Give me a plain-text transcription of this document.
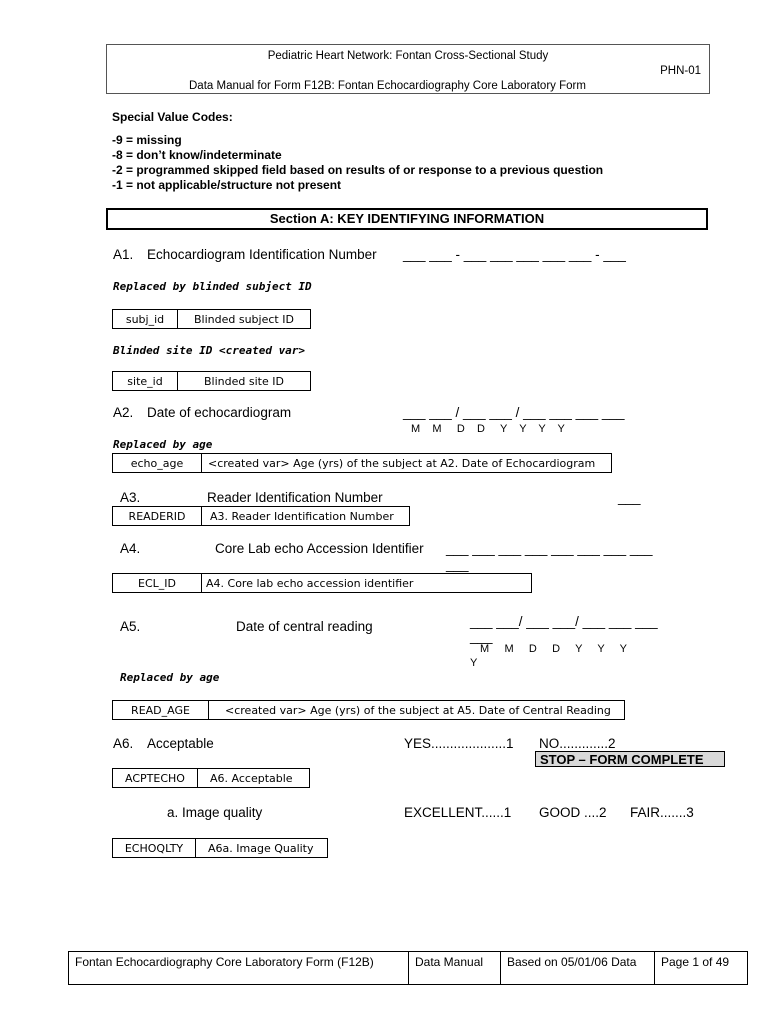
Pediatric Heart Network: Fontan Cross-Sectional Study
Data Manual for Form F12B: Fontan Echocardiography Core Laboratory Form
PHN-01
Special Value Codes:
-9 = missing
-8 = don’t know/indeterminate
-2 = programmed skipped field based on results of or response to a previous question
-1 = not applicable/structure not present
Section A: KEY IDENTIFYING INFORMATION
A1. Echocardiogram Identification Number ___ ___ - ___ ___ ___ ___ ___ - ___
Replaced by blinded subject ID
subj_id	Blinded subject ID
Blinded site ID <created var>
site_id	Blinded site ID
A2. Date of echocardiogram	___ ___ / ___ ___ / ___ ___ ___ ___
M    M     D    D     Y    Y    Y    Y
Replaced by age
echo_age	<created var> Age (yrs) of the subject at A2. Date of Echocardiogram
A3.	Reader Identification Number	___
READERID	A3. Reader Identification Number
A4.	Core Lab echo Accession Identifier ___ ___ ___ ___ ___ ___ ___ ___
___
ECL_ID	A4. Core lab echo accession identifier
A5.	Date of central reading	___ ___/ ___ ___/ ___ ___ ___
___
M     M     D     D     Y     Y     Y
Y
Replaced by age
READ_AGE	<created var> Age (yrs) of the subject at A5. Date of Central Reading
A6. Acceptable	YES....................1 NO.............2
STOP – FORM COMPLETE
ACPTECHO	A6. Acceptable
a. Image quality	EXCELLENT......1 GOOD ....2 FAIR.......3
ECHOQLTY	A6a. Image Quality
Fontan Echocardiography Core Laboratory Form (F12B)	Data Manual	Based on 05/01/06 Data	Page 1 of 49
